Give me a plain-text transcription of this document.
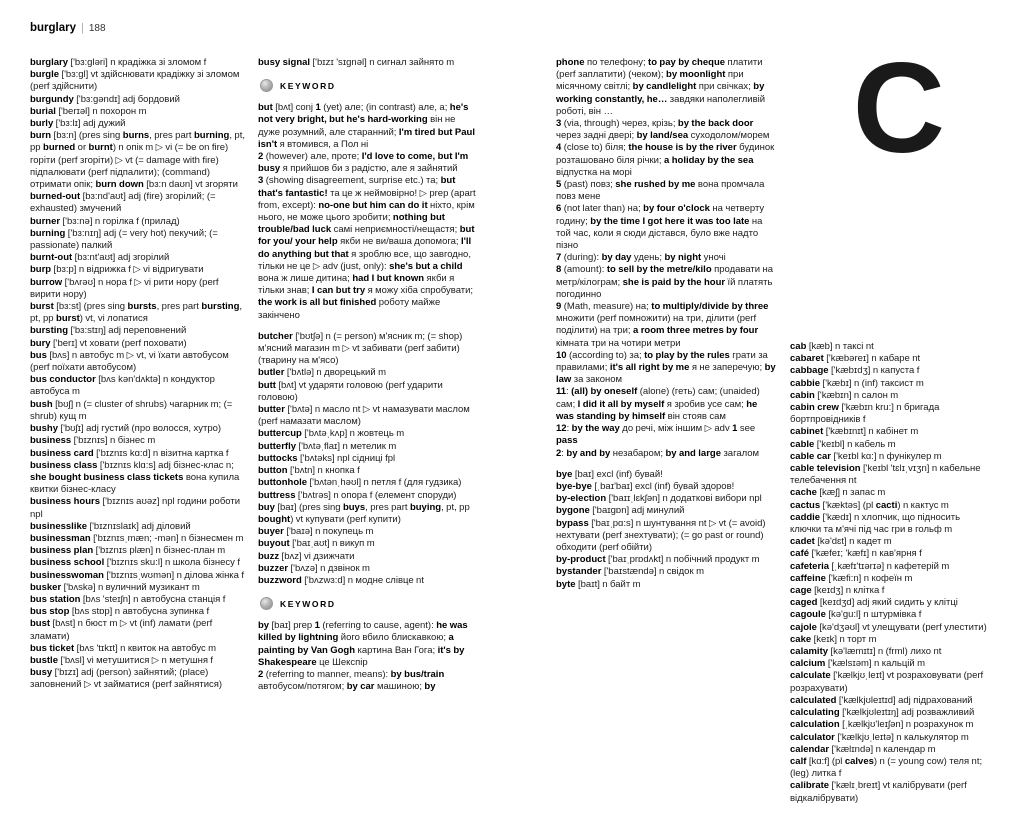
burglary | 188

burglary ['bɜ:gləri] n крадіжка зі зломом f

burgle ['bɜ:gl] vt здійснювати крадіжку зі зломом (perf здійснити)

burgundy ['bɜ:gəndɪ] adj бордовий

burial ['berɪəl] n похорон m

burly ['bɜ:lɪ] adj дужий

burn [bɜ:n] (pres sing burns, pres part burning, pt, pp burned or burnt) n опік m ▷ vi (= be on fire) горіти (perf згоріти) ▷ vt (= damage with fire) підпалювати (perf підпалити); (command) отримати опік; burn down [bɜ:n daʊn] vt згоряти

burned-out [bɜ:nd'aʊt] adj (fire) згорілий; (= exhausted) змучений

burner ['bɜ:nə] n горілка f (прилад)

burning ['bɜ:nɪŋ] adj (= very hot) пекучий; (= passionate) палкий

burnt-out [bɜ:nt'aʊt] adj згорілий

burp [bɜ:p] n відрижка f ▷ vi відригувати

burrow ['bʌrəʊ] n нора f ▷ vi рити нору (perf вирити нору)

burst [bɜ:st] (pres sing bursts, pres part bursting, pt, pp burst) vt, vi лопатися

bursting ['bɜ:stɪŋ] adj переповнений

bury ['berɪ] vt ховати (perf поховати)

bus [bʌs] n автобус m ▷ vt, vi їхати автобусом (perf поїхати автобусом)

bus conductor [bʌs kən'dʌktə] n кондуктор автобуса m

bush [bʊʃ] n (= cluster of shrubs) чагарник m; (= shrub) кущ m

bushy ['bʊʃɪ] adj густий (про волосся, хутро)

business ['bɪznɪs] n бізнес m

business card ['bɪznɪs kɑ:d] n візитна картка f

business class ['bɪznɪs klɑ:s] adj бізнес-клас n; she bought business class tickets вона купила квитки бізнес-класу

business hours ['bɪznɪs aʊəz] npl години роботи npl

businesslike ['bɪznɪslaɪk] adj діловий

businessman ['bɪznɪsˌmæn; -mən] n бізнесмен m

business plan ['bɪznɪs plæn] n бізнес-план m

business school ['bɪznɪs sku:l] n школа бізнесу f

businesswoman ['bɪznɪsˌwʊmən] n ділова жінка f

busker ['bʌskə] n вуличний музикант m

bus station [bʌs 'steɪʃn] n автобусна станція f

bus stop [bʌs stɒp] n автобусна зупинка f

bust [bʌst] n бюст m ▷ vt (inf) ламати (perf зламати)

bus ticket [bʌs 'tɪkɪt] n квиток на автобус m

bustle ['bʌsl] vi метушитися ▷ n метушня f

busy ['bɪzɪ] adj (person) зайнятий; (place) заповнений ▷ vt займатися (perf зайнятися)

busy signal ['bɪzɪ 'sɪgnəl] n сигнал зайнято m

KEYWORD

but [bʌt] conj 1 (yet) але; (in contrast) але, а; he's not very bright, but he's hard-working він не дуже розумний, але старанний; I'm tired but Paul isn't я втомився, а Пол ні

2 (however) але, проте; I'd love to come, but I'm busy я прийшов би з радістю, але я зайнятий

3 (showing disagreement, surprise etc.) та; but that's fantastic! та це ж неймовірно! ▷ prep (apart from, except): no-one but him can do it ніхто, крім нього, не може цього зробити; nothing but trouble/bad luck самі неприємності/нещастя; but for you/ your help якби не ви/ваша допомога; I'll do anything but that я зроблю все, що завгодно, тільки не це ▷ adv (just, only): she's but a child вона ж лише дитина; had I but known якби я тільки знав; I can but try я можу хіба спробувати; the work is all but finished роботу майже закінчено

butcher ['bʊtʃə] n (= person) м'ясник m; (= shop) м'ясний магазин m ▷ vt забивати (perf забити) (тварину на м'ясо)

butler ['bʌtlə] n дворецький m

butt [bʌt] vt ударяти головою (perf ударити головою)

butter ['bʌtə] n масло nt ▷ vt намазувати маслом (perf намазати маслом)

buttercup ['bʌtəˌkʌp] n жовтець m

butterfly ['bʌtəˌflaɪ] n метелик m

buttocks ['bʌtəks] npl сідниці fpl

button ['bʌtn] n кнопка f

buttonhole ['bʌtənˌhəʊl] n петля f (для гудзика)

buttress ['bʌtrəs] n опора f (елемент споруди)

buy [baɪ] (pres sing buys, pres part buying, pt, pp bought) vt купувати (perf купити)

buyer ['baɪə] n покупець m

buyout ['baɪˌaʊt] n викуп m

buzz [bʌz] vi дзижчати

buzzer ['bʌzə] n дзвінок m

buzzword ['bʌzwɜ:d] n модне слівце nt

KEYWORD

by [baɪ] prep 1 (referring to cause, agent): he was killed by lightning його вбило блискавкою; a painting by Van Gogh картина Ван Гога; it's by Shakespeare це Шекспір

2 (referring to manner, means): by bus/train автобусом/потягом; by car машиною; by

phone по телефону; to pay by cheque платити (perf заплатити) (чеком); by moonlight при місячному світлі; by candlelight при свічках; by working constantly, he… завдяки наполегливій роботі, він …

3 (via, through) через, крізь; by the back door через задні двері; by land/sea суходолом/морем

4 (close to) біля; the house is by the river будинок розташовано біля річки; a holiday by the sea відпустка на морі

5 (past) повз; she rushed by me вона промчала повз мене

6 (not later than) на; by four o'clock на четверту годину; by the time I got here it was too late на той час, коли я сюди дістався, було вже надто пізно

7 (during): by day удень; by night уночі

8 (amount): to sell by the metre/kilo продавати на метр/кілограм; she is paid by the hour їй платять погодинно

9 (Math, measure) на; to multiply/divide by three множити (perf помножити) на три, ділити (perf поділити) на три; a room three metres by four кімната три на чотири метри

10 (according to) за; to play by the rules грати за правилами; it's all right by me я не заперечую; by law за законом

11: (all) by oneself (alone) (геть) сам; (unaided) сам; I did it all by myself я зробив усе сам; he was standing by himself він стояв сам

12: by the way до речі, між іншим ▷ adv 1 see pass

2: by and by незабаром; by and large загалом

bye [baɪ] excl (inf) бувай!

bye-bye [ˌbaɪ'baɪ] excl (inf) бувай здоров!

by-election ['baɪɪˌlɛkʃən] n додаткові вибори npl

bygone ['baɪgɒn] adj минулий

bypass ['baɪˌpɑ:s] n шунтування nt ▷ vt (= avoid) нехтувати (perf знехтувати); (= go past or round) обходити (perf обійти)

by-product ['baɪˌprɒdʌkt] n побічний продукт m

bystander ['baɪstændə] n свідок m

byte [baɪt] n байт m

C

cab [kæb] n таксі nt

cabaret ['kæbəreɪ] n кабаре nt

cabbage ['kæbɪdʒ] n капуста f

cabbie ['kæbɪ] n (inf) таксист m

cabin ['kæbɪn] n салон m

cabin crew ['kæbɪn kru:] n бригада бортпровідників f

cabinet ['kæbɪnɪt] n кабінет m

cable ['keɪbl] n кабель m

cable car ['keɪbl kɑ:] n фунікулер m

cable television ['keɪbl 'tɛlɪˌvɪʒn] n кабельне телебачення nt

cache [kæʃ] n запас m

cactus ['kæktəs] (pl cacti) n кактус m

caddie ['kædɪ] n хлопчик, що підносить ключки та м'ячі під час гри в гольф m

cadet [kə'dɛt] n кадет m

café ['kæfeɪ; 'kæfɪ] n кав'ярня f

cafeteria [ˌkæfɪ'tɪərɪə] n кафетерій m

caffeine ['kæfi:n] n кофеїн m

cage [keɪdʒ] n клітка f

caged [keɪdʒd] adj який сидить у клітці

cagoule [kə'gu:l] n штурмівка f

cajole [kə'dʒəʊl] vt улещувати (perf улестити)

cake [keɪk] n торт m

calamity [kə'læmɪtɪ] n (frml) лихо nt

calcium ['kælsɪəm] n кальцій m

calculate ['kælkjʊˌleɪt] vt розраховувати (perf розрахувати)

calculated ['kælkjʊleɪtɪd] adj підрахований

calculating ['kælkjʊleɪtɪŋ] adj розважливий

calculation [ˌkælkjʊ'leɪʃən] n розрахунок m

calculator ['kælkjʊˌleɪtə] n калькулятор m

calendar ['kælɪndə] n календар m

calf [kɑ:f] (pl calves) n (= young cow) теля nt; (leg) литка f

calibrate ['kælɪˌbreɪt] vt калібрувати (perf відкалібрувати)
